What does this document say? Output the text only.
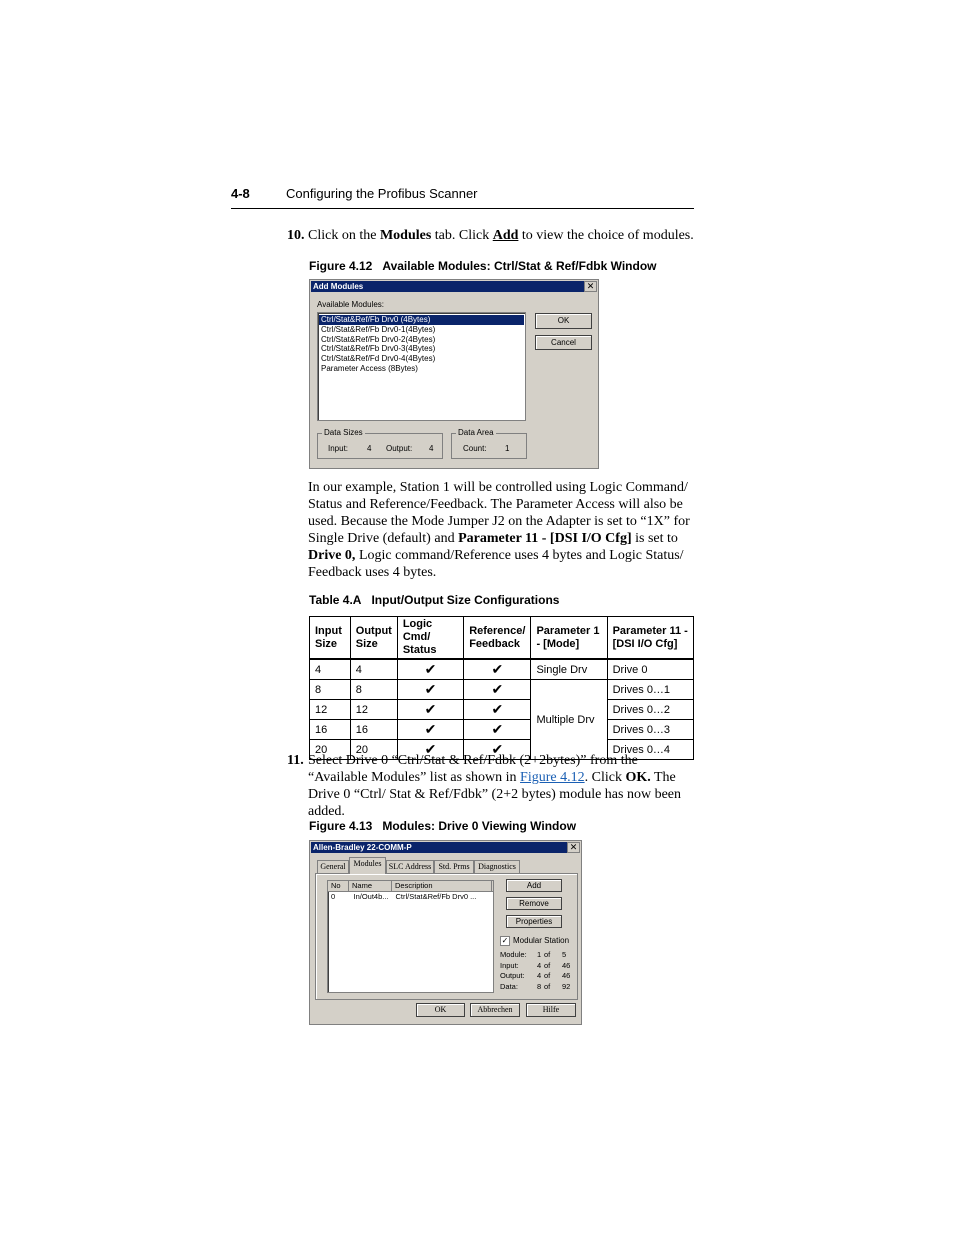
4-8	Configuring the Profibus Scanner
10. Click on the Modules tab. Click Add to view the choice of modules.
Figure 4.12 Available Modules: Ctrl/Stat & Ref/Fdbk Window
Add Modules	✕
Available Modules:
Ctrl/Stat&Ref/Fb Drv0 (4Bytes)
Ctrl/Stat&Ref/Fb Drv0-1(4Bytes)
Ctrl/Stat&Ref/Fb Drv0-2(4Bytes)
Ctrl/Stat&Ref/Fb Drv0-3(4Bytes)
Ctrl/Stat&Ref/Fd Drv0-4(4Bytes)
Parameter Access (8Bytes)
OK
Cancel
Data Sizes
Input: 4 Output: 4
Data Area
Count: 1
In our example, Station 1 will be controlled using Logic Command/ Status and Reference/Feedback. The Parameter Access will also be used. Because the Mode Jumper J2 on the Adapter is set to “1X” for Single Drive (default) and Parameter 11 - [DSI I/O Cfg] is set to Drive 0, Logic command/Reference uses 4 bytes and Logic Status/ Feedback uses 4 bytes.
Table 4.A Input/Output Size Configurations
Input Size	Output Size	Logic Cmd/ Status	Reference/ Feedback	Parameter 1 - [Mode]	Parameter 11 - [DSI I/O Cfg]
4	4	✔	✔	Single Drv	Drive 0
8	8	✔	✔	Multiple Drv	Drives 0…1
12	12	✔	✔		Drives 0…2
16	16	✔	✔		Drives 0…3
20	20	✔	✔		Drives 0…4
11. Select Drive 0 “Ctrl/Stat & Ref/Fdbk (2+2bytes)” from the “Available Modules” list as shown in Figure 4.12. Click OK. The Drive 0 “Ctrl/ Stat & Ref/Fdbk” (2+2 bytes) module has now been added.
Figure 4.13 Modules: Drive 0 Viewing Window
Allen-Bradley 22-COMM-P	✕
General Modules SLC Address Std. Prms	Diagnostics
No	Name	Description
0	In/Out4b... Ctrl/Stat&Ref/Fb Drv0 ...
Add
Remove
Properties
✓ Modular Station
Module: 1 of 5
Input: 4 of 46
Output: 4 of 46
Data:	8 of 92
OK	Abbrechen	Hilfe
